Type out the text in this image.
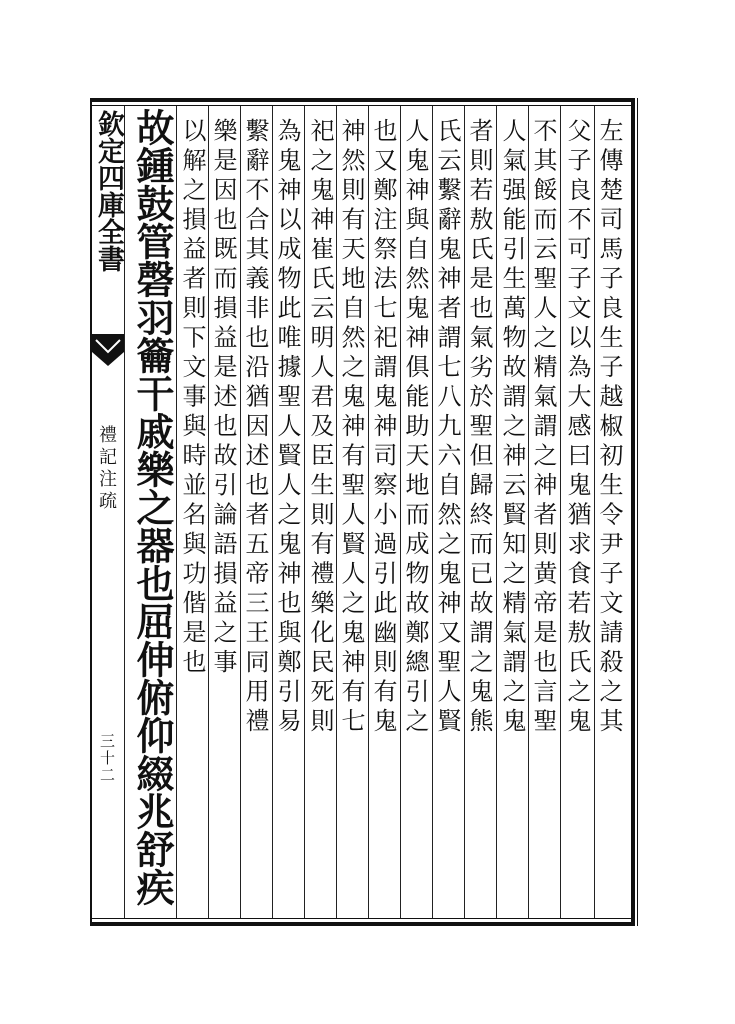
欽定四庫全書
禮記注疏
三十二 故鍾鼓管磬羽籥干戚樂之器也屈伸俯仰綴兆舒疾	左傳楚司馬子良生子越椒初生令尹子文請殺之其
父子良不可子文以為大感曰鬼猶求食若敖氏之鬼
不其餒而云聖人之精氣謂之神者則黄帝是也言聖
人氣强能引生萬物故謂之神云賢知之精氣謂之鬼
者則若敖氏是也氣劣於聖但歸終而已故謂之鬼熊
氏云繫辭鬼神者謂七八九六自然之鬼神又聖人賢
人鬼神與自然鬼神俱能助天地而成物故鄭總引之
也又鄭注祭法七祀謂鬼神司察小過引此幽則有鬼
神然則有天地自然之鬼神有聖人賢人之鬼神有七
祀之鬼神崔氏云明人君及臣生則有禮樂化民死則
為鬼神以成物此唯據聖人賢人之鬼神也與鄭引易
繫辭不合其義非也沿猶因述也者五帝三王同用禮
樂是因也既而損益是述也故引論語損益之事
以解之損益者則下文事與時並名與功偕是也
